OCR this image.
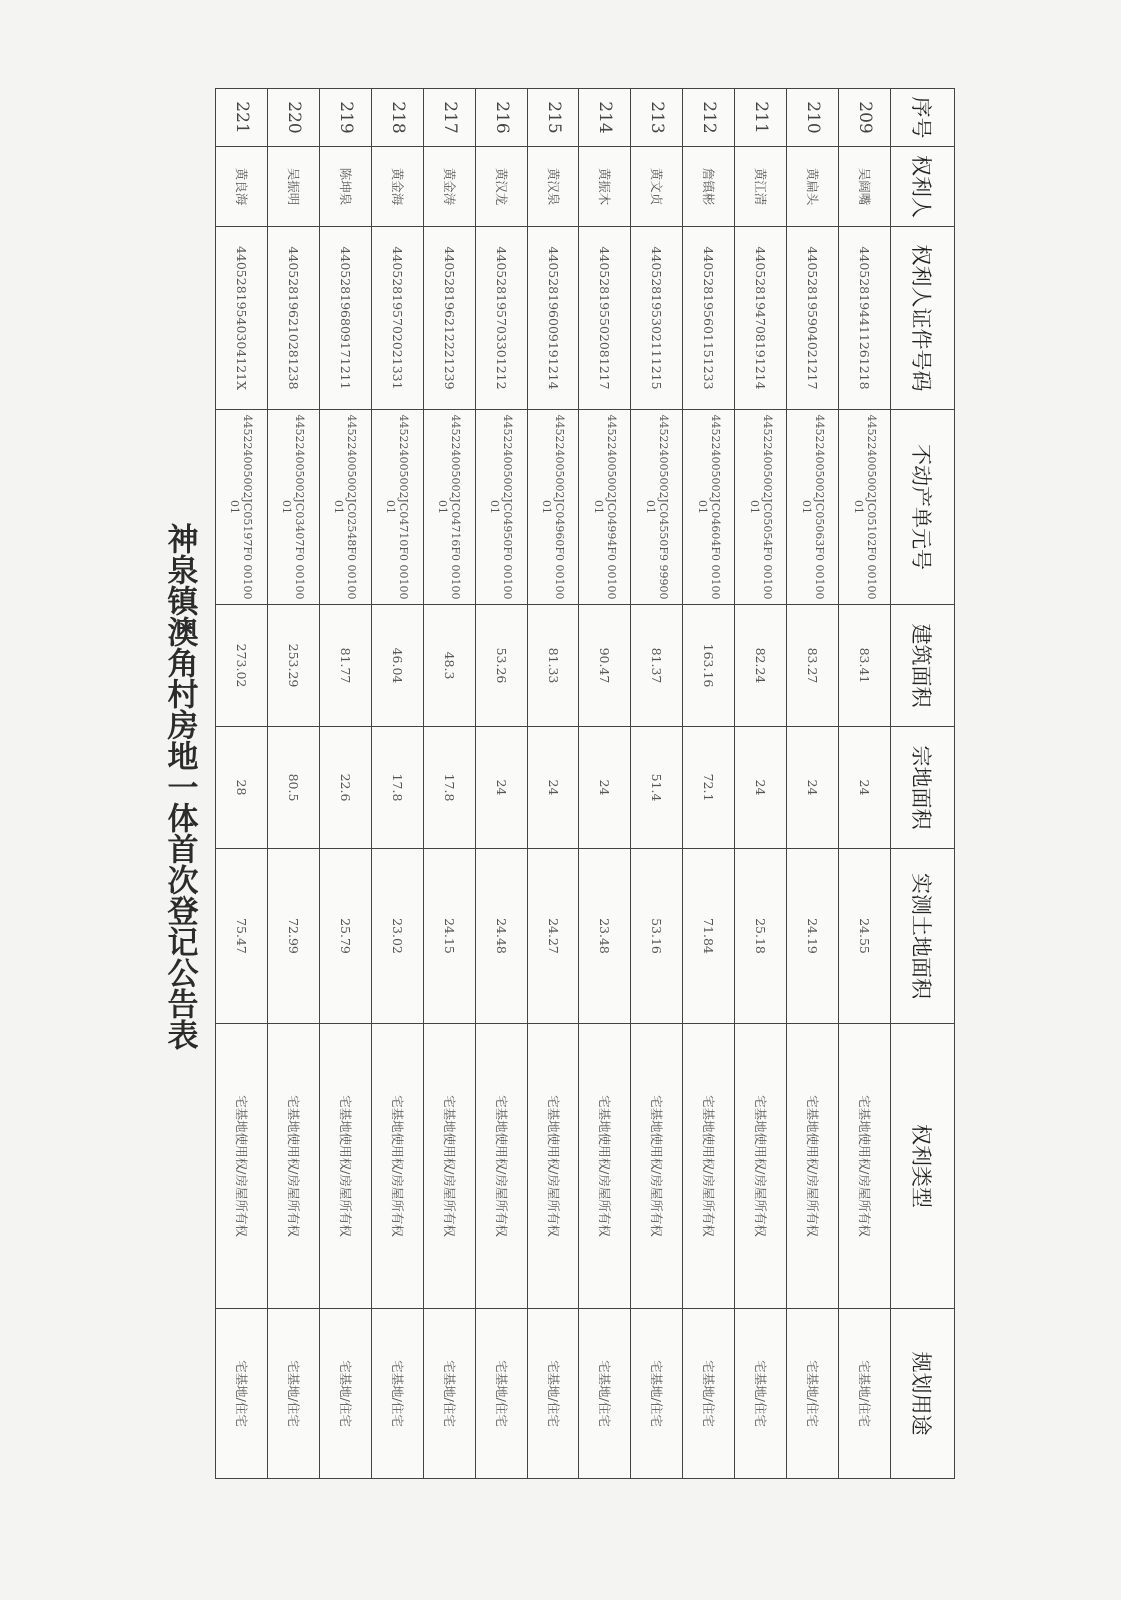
神泉镇澳角村房地一体首次登记公告表
序号	权利人	权利人证件号码	不动产单元号	建筑面积	宗地面积	实测土地面积	权利类型	规划用途
209	吴阔嘴	440528194411261218	445224005002JC05102F0 0010001	83.41	24	24.55	宅基地使用权/房屋所有权	宅基地/住宅
210	黄扁头	440528195904021217	445224005002JC05063F0 0010001	83.27	24	24.19	宅基地使用权/房屋所有权	宅基地/住宅
211	黄江清	440528194708191214	445224005002JC05054F0 0010001	82.24	24	25.18	宅基地使用权/房屋所有权	宅基地/住宅
212	詹镇彬	440528195601151233	445224005002JC04604F0 0010001	163.16	72.1	71.84	宅基地使用权/房屋所有权	宅基地/住宅
213	黄文贞	440528195302111215	445224005002JC04550F9 9990001	81.37	51.4	53.16	宅基地使用权/房屋所有权	宅基地/住宅
214	黄振木	440528195502081217	445224005002JC04994F0 0010001	90.47	24	23.48	宅基地使用权/房屋所有权	宅基地/住宅
215	黄汉泉	440528196009191214	445224005002JC04960F0 0010001	81.33	24	24.27	宅基地使用权/房屋所有权	宅基地/住宅
216	黄汉龙	440528195703301212	445224005002JC04950F0 0010001	53.26	24	24.48	宅基地使用权/房屋所有权	宅基地/住宅
217	黄金涛	440528196212221239	445224005002JC04716F0 0010001	48.3	17.8	24.15	宅基地使用权/房屋所有权	宅基地/住宅
218	黄金海	440528195702021331	445224005002JC04710F0 0010001	46.04	17.8	23.02	宅基地使用权/房屋所有权	宅基地/住宅
219	陈坤泉	440528196809171211	445224005002JC02548F0 0010001	81.77	22.6	25.79	宅基地使用权/房屋所有权	宅基地/住宅
220	吴振明	440528196210281238	445224005002JC03407F0 0010001	253.29	80.5	72.99	宅基地使用权/房屋所有权	宅基地/住宅
221	黄良海	44052819540304121X	445224005002JC05197F0 0010001	273.02	28	75.47	宅基地使用权/房屋所有权	宅基地/住宅
